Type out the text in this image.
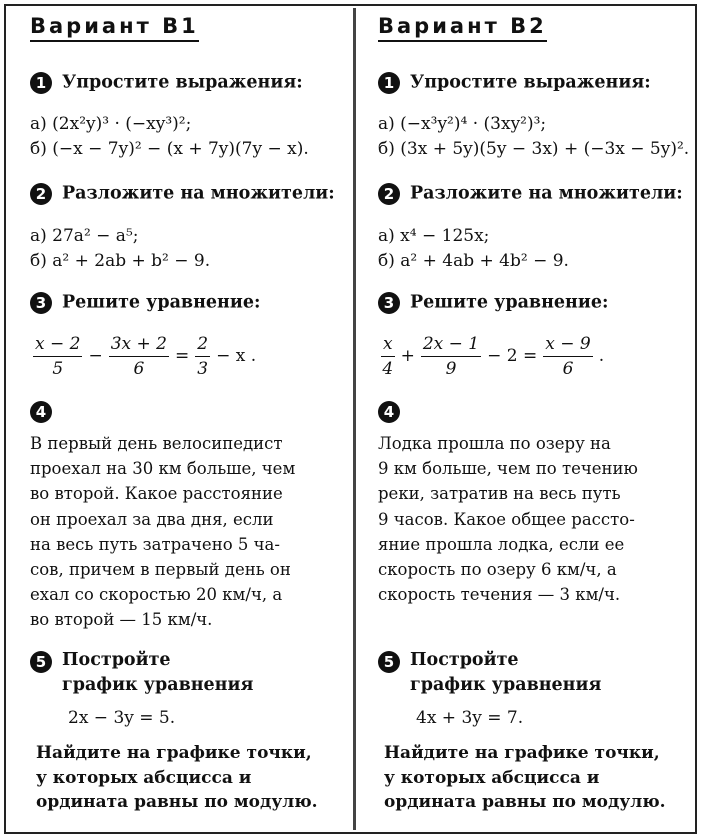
Вариант В1
1 Упростите выражения:
а) (2x²y)³ · (−xy³)²;
б) (−x − 7y)² − (x + 7y)(7y − x).
2 Разложите на множители:
а) 27a² − a⁵;
б) a² + 2ab + b² − 9.
3 Решите уравнение:
$\frac{x - 2}{5} - \frac{3x + 2}{6} = \frac{2}{3} - x$ .
4
В первый день велосипедист
проехал на 30 км больше, чем
во второй. Какое расстояние
он проехал за два дня, если
на весь путь затрачено 5 ча-
сов, причем в первый день он
ехал со скоростью 20 км/ч, а
во второй — 15 км/ч.
5 Постройте
график уравнения
2x − 3y = 5.
Найдите на графике точки,
у которых абсцисса и
ордината равны по модулю.
Вариант В2
1 Упростите выражения:
а) (−x³y²)⁴ · (3xy²)³;
б) (3x + 5y)(5y − 3x) + (−3x − 5y)².
2 Разложите на множители:
а) x⁴ − 125x;
б) a² + 4ab + 4b² − 9.
3 Решите уравнение:
$\frac{x}{4} + \frac{2x - 1}{9} - 2 = \frac{x - 9}{6}$ .
4
Лодка прошла по озеру на
9 км больше, чем по течению
реки, затратив на весь путь
9 часов. Какое общее рассто-
яние прошла лодка, если ее
скорость по озеру 6 км/ч, а
скорость течения — 3 км/ч.
5 Постройте
график уравнения
4x + 3y = 7.
Найдите на графике точки,
у которых абсцисса и
ордината равны по модулю.
